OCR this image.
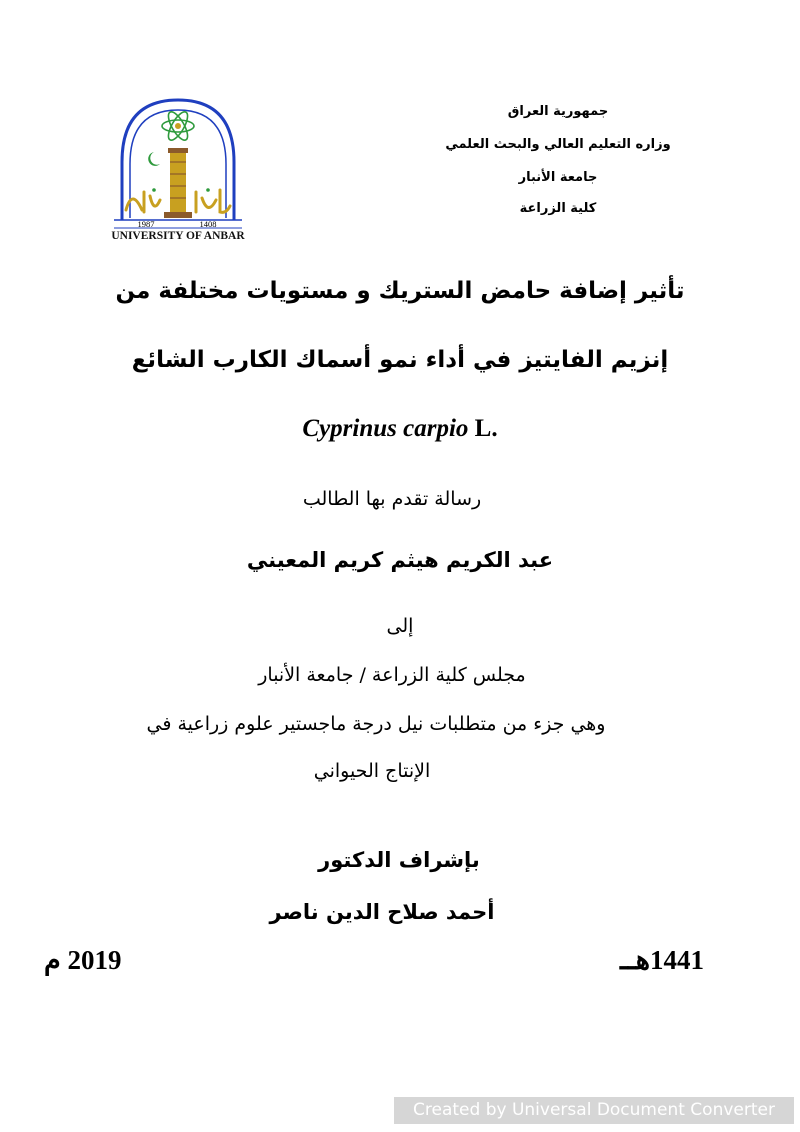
1987	1408
UNIVERSITY OF ANBAR
جمهورية العراق
وزاره التعليم العالي والبحث العلمي
جامعة الأنبار
كلية الزراعة
تأثير إضافة حامض الستريك و مستويات مختلفة من
إنزيم الفايتيز في أداء نمو أسماك الكارب الشائع
Cyprinus carpio L.
رسالة تقدم بها الطالب
عبد الكريم هيثم كريم المعيني
إلى
مجلس كلية الزراعة / جامعة الأنبار
وهي جزء من متطلبات نيل درجة ماجستير علوم زراعية في
الإنتاج الحيواني
بإشراف الدكتور
أحمد صلاح الدين ناصر
1441هــ
2019 م
Created by Universal Document Converter
